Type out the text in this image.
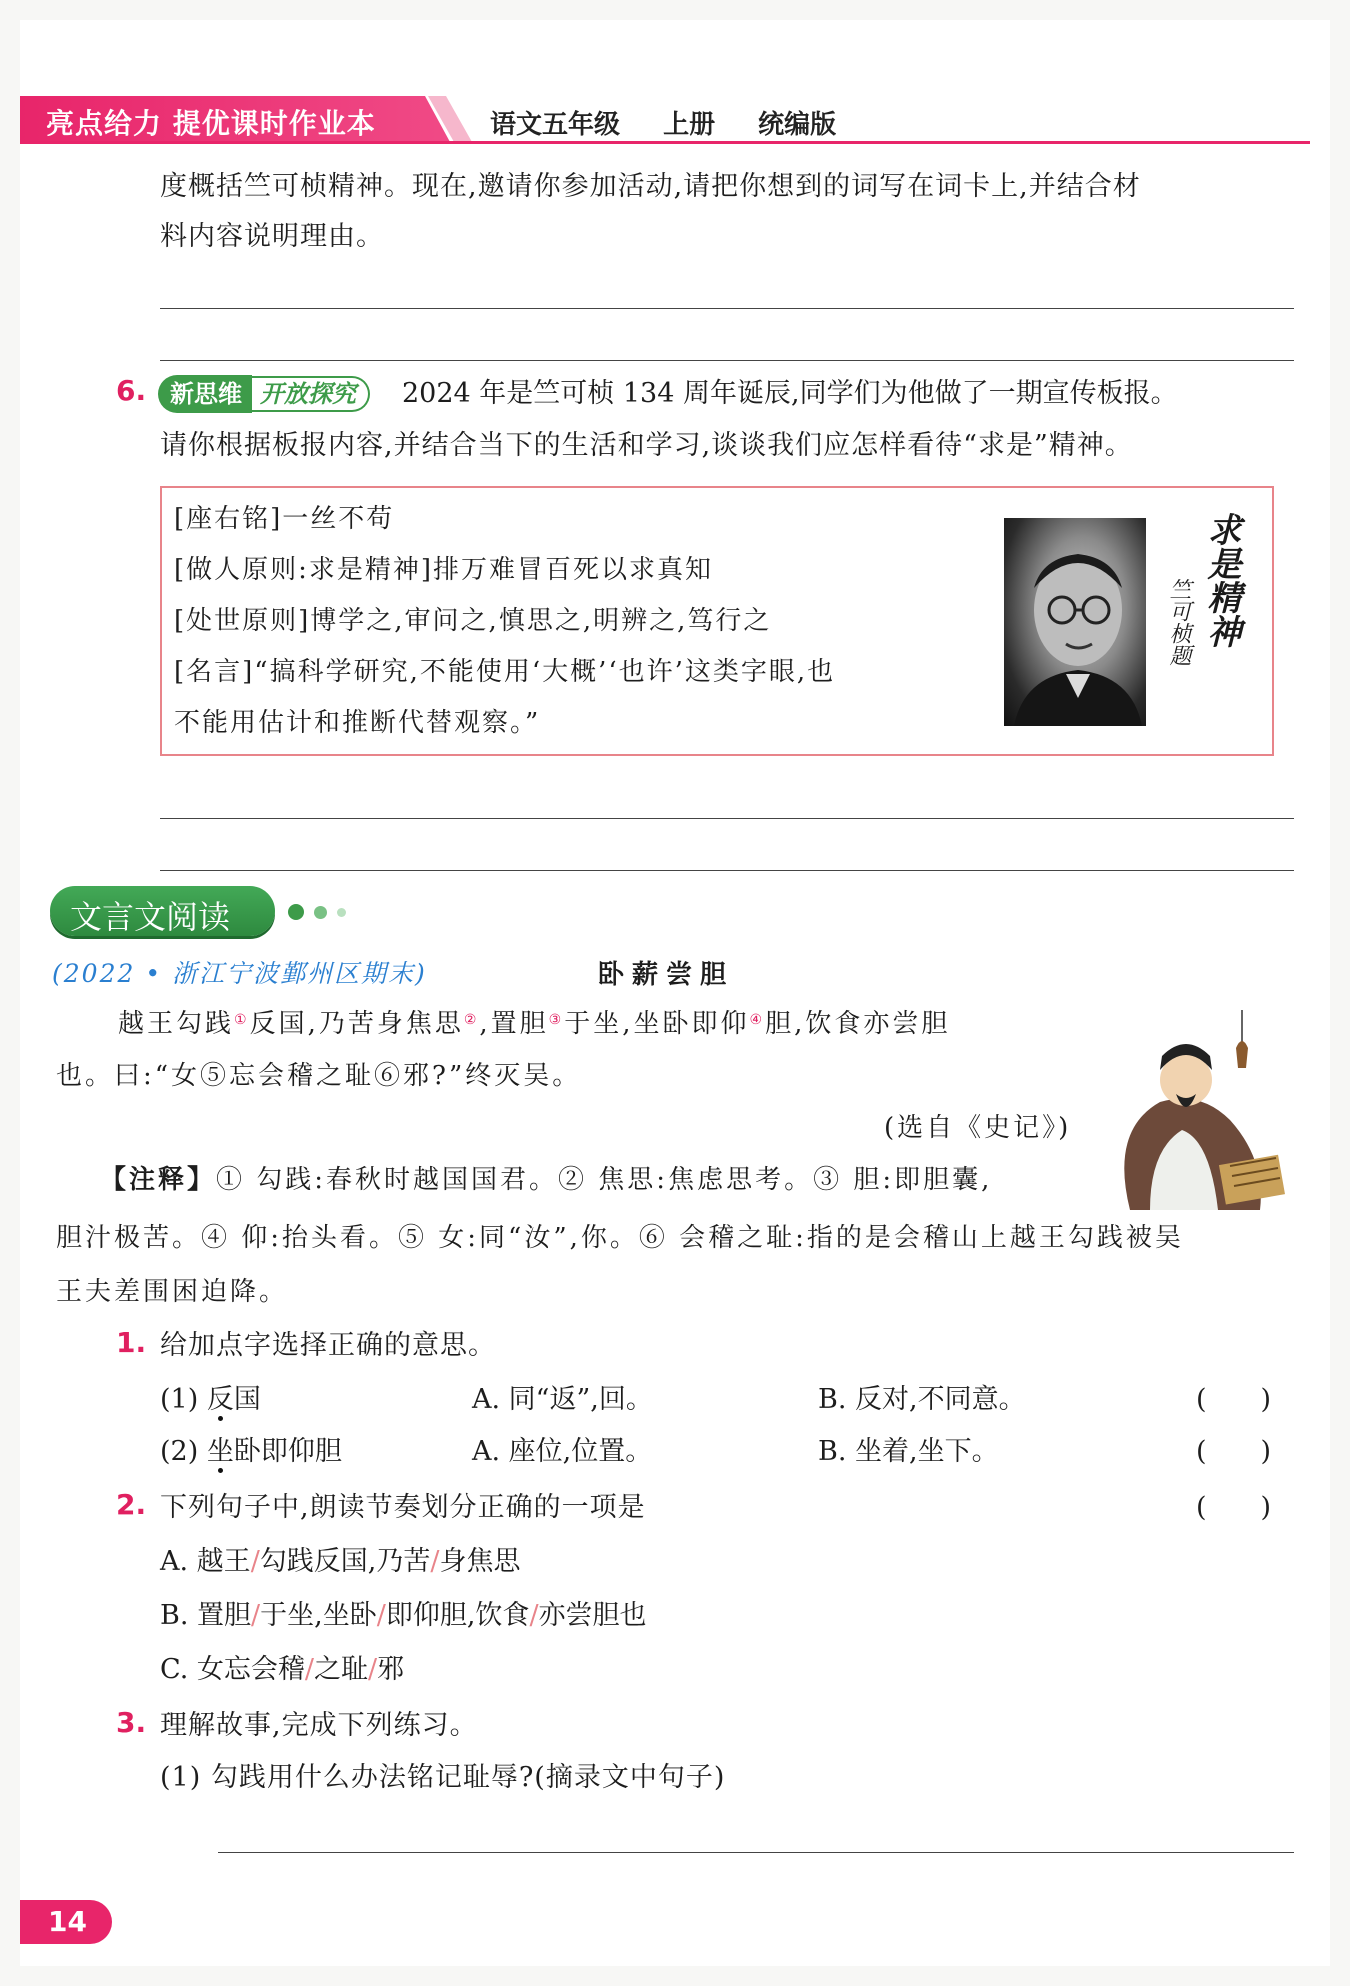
亮点给力 提优课时作业本	语文五年级 上册 统编版
度概括竺可桢精神。现在,邀请你参加活动,请把你想到的词写在词卡上,并结合材
料内容说明理由。
6. 新思维 开放探究	2024 年是竺可桢 134 周年诞辰,同学们为他做了一期宣传板报。
请你根据板报内容,并结合当下的生活和学习,谈谈我们应怎样看待“求是”精神。
[座右铭]一丝不苟
[做人原则:求是精神]排万难冒百死以求真知
[处世原则]博学之,审问之,慎思之,明辨之,笃行之
[名言]“搞科学研究,不能使用‘大概’‘也许’这类字眼,也
不能用估计和推断代替观察。”
求是精神
竺可桢题
文言文阅读
(2022 • 浙江宁波鄞州区期末)	卧薪尝胆
越王勾践①反国,乃苦身焦思②,置胆③于坐,坐卧即仰④胆,饮食亦尝胆
也。曰:“女⑤忘会稽之耻⑥邪?”终灭吴。
(选自《史记》)
【注释】① 勾践:春秋时越国国君。② 焦思:焦虑思考。③ 胆:即胆囊,
胆汁极苦。④ 仰:抬头看。⑤ 女:同“汝”,你。⑥ 会稽之耻:指的是会稽山上越王勾践被吴
王夫差围困迫降。
1. 给加点字选择正确的意思。
(1) 反国	A. 同“返”,回。	B. 反对,不同意。	(　　)
(2) 坐卧即仰胆	A. 座位,位置。	B. 坐着,坐下。	(　　)
2. 下列句子中,朗读节奏划分正确的一项是	(　　)
A. 越王/勾践反国,乃苦/身焦思
B. 置胆/于坐,坐卧/即仰胆,饮食/亦尝胆也
C. 女忘会稽/之耻/邪
3. 理解故事,完成下列练习。
(1) 勾践用什么办法铭记耻辱?(摘录文中句子)
14
